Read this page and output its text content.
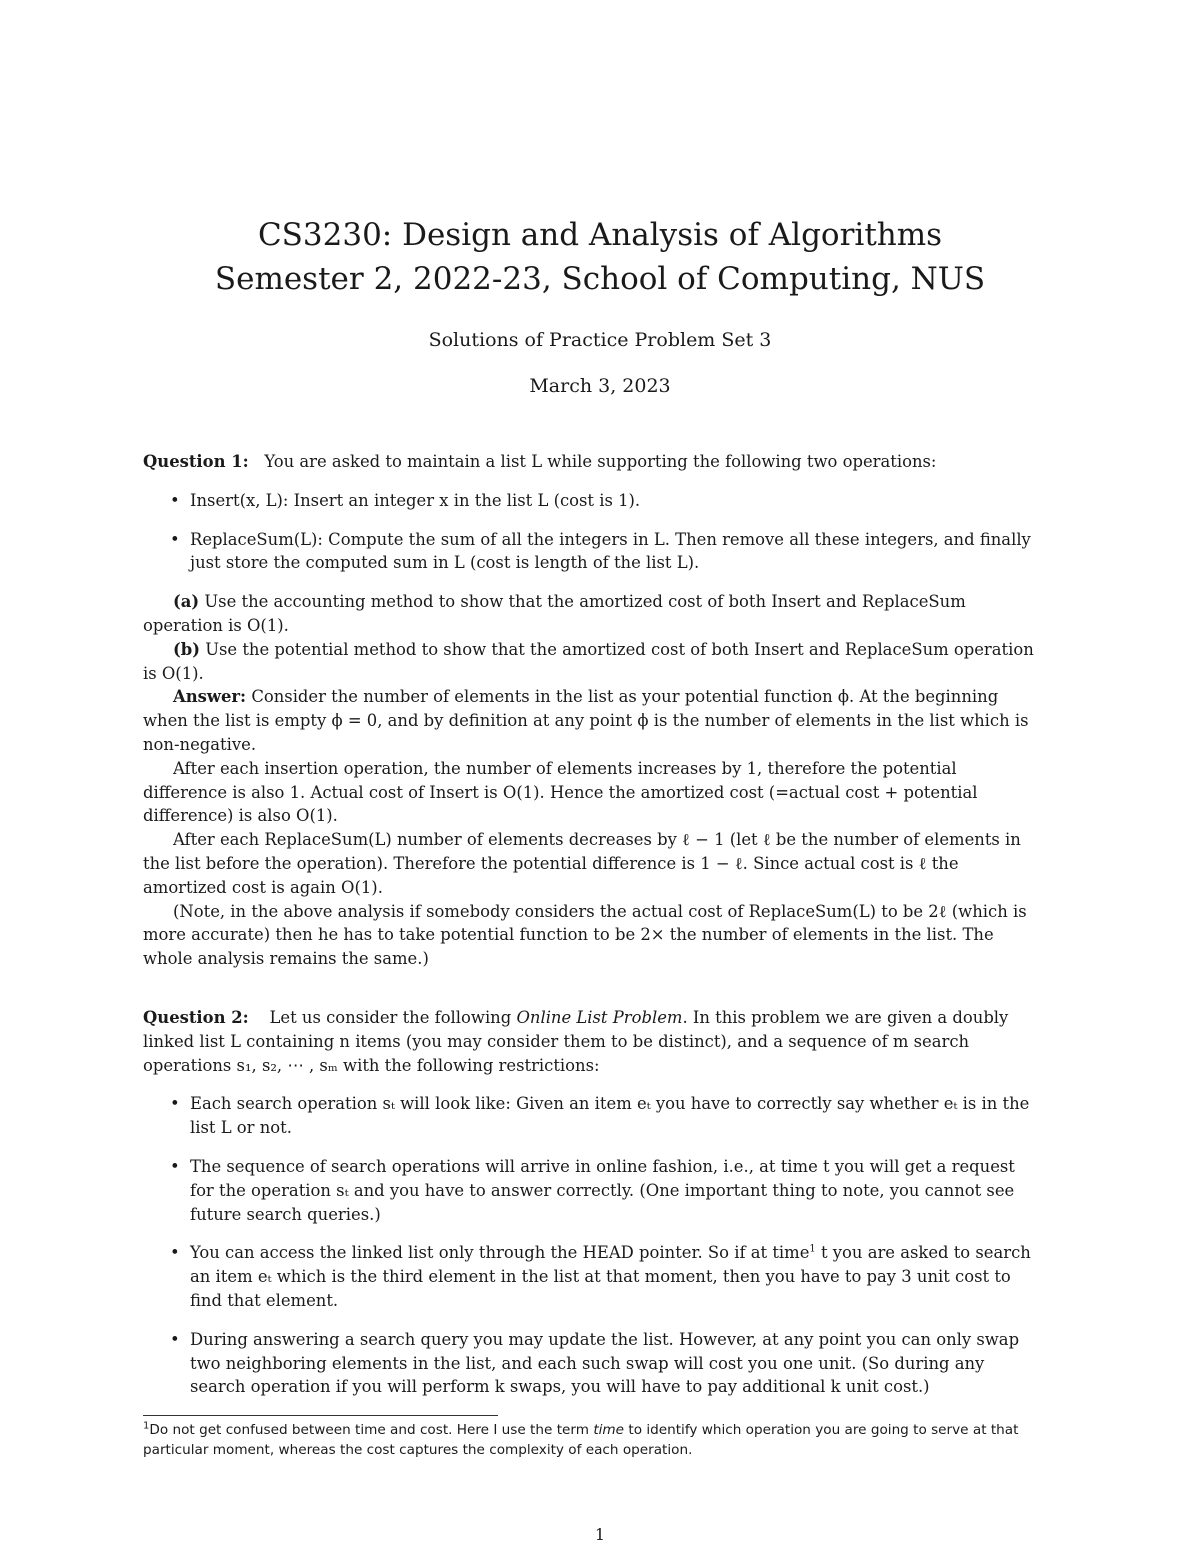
CS3230: Design and Analysis of Algorithms
Semester 2, 2022-23, School of Computing, NUS
Solutions of Practice Problem Set 3
March 3, 2023

Question 1: You are asked to maintain a list L while supporting the following two operations:

• Insert(x, L): Insert an integer x in the list L (cost is 1).

• ReplaceSum(L): Compute the sum of all the integers in L. Then remove all these integers, and finally just store the computed sum in L (cost is length of the list L).

(a) Use the accounting method to show that the amortized cost of both Insert and ReplaceSum operation is O(1).

(b) Use the potential method to show that the amortized cost of both Insert and ReplaceSum operation is O(1).

Answer: Consider the number of elements in the list as your potential function ϕ. At the beginning when the list is empty ϕ = 0, and by definition at any point ϕ is the number of elements in the list which is non-negative.

After each insertion operation, the number of elements increases by 1, therefore the potential difference is also 1. Actual cost of Insert is O(1). Hence the amortized cost (=actual cost + potential difference) is also O(1).

After each ReplaceSum(L) number of elements decreases by ℓ − 1 (let ℓ be the number of elements in the list before the operation). Therefore the potential difference is 1 − ℓ. Since actual cost is ℓ the amortized cost is again O(1).

(Note, in the above analysis if somebody considers the actual cost of ReplaceSum(L) to be 2ℓ (which is more accurate) then he has to take potential function to be 2× the number of elements in the list. The whole analysis remains the same.)

Question 2: Let us consider the following Online List Problem. In this problem we are given a doubly linked list L containing n items (you may consider them to be distinct), and a sequence of m search operations s₁, s₂, ⋯ , sₘ with the following restrictions:

• Each search operation sₜ will look like: Given an item eₜ you have to correctly say whether eₜ is in the list L or not.

• The sequence of search operations will arrive in online fashion, i.e., at time t you will get a request for the operation sₜ and you have to answer correctly. (One important thing to note, you cannot see future search queries.)

• You can access the linked list only through the HEAD pointer. So if at time$^1$ t you are asked to search an item eₜ which is the third element in the list at that moment, then you have to pay 3 unit cost to find that element.

• During answering a search query you may update the list. However, at any point you can only swap two neighboring elements in the list, and each such swap will cost you one unit. (So during any search operation if you will perform k swaps, you will have to pay additional k unit cost.)

$^1$Do not get confused between time and cost. Here I use the term time to identify which operation you are going to serve at that particular moment, whereas the cost captures the complexity of each operation.
1
